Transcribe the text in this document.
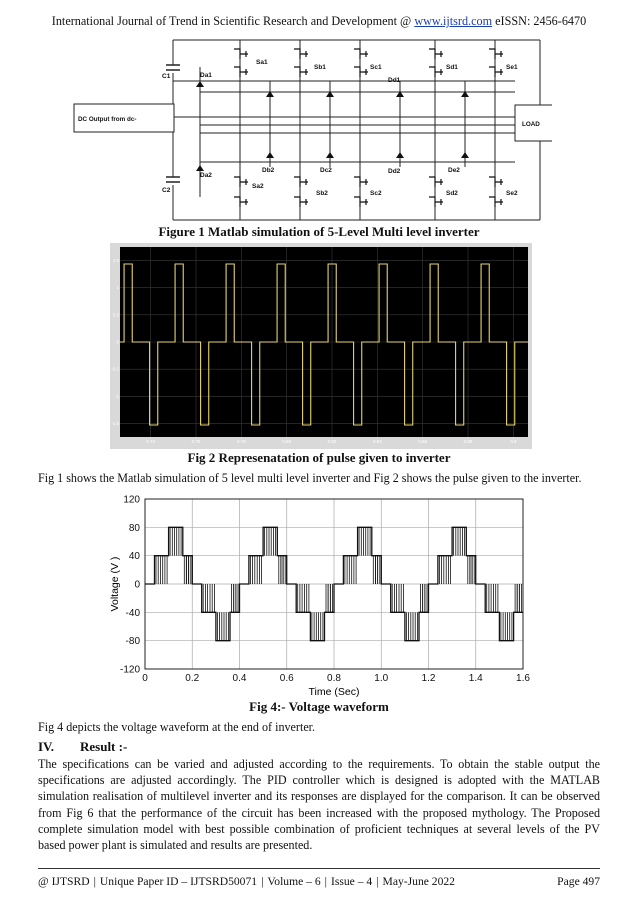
International Journal of Trend in Scientific Research and Development @ www.ijtsrd.com eISSN: 2456-6470
C1
C2
Da1
Da2
Db2	Dc2
Dd1
Dd2	De2
Sa1
Sb1	Sc1	Sd1	Se1
Sa2
Sb2	Sc2	Sd2	Se2
DC Output from dc-
LOAD
Figure 1 Matlab simulation of 5-Level Multi level inverter
0.74	0.76	0.78	0.80	0.82	0.84	0.86	0.88	0.9
1.5
1
0.5
0
-0.5
-1
-1.5
Fig 2 Represenatation of pulse given to inverter
Fig 1 shows the Matlab simulation of 5 level multi level inverter and Fig 2 shows the pulse given to the inverter.
120
80
40
0
-40
-80
-120
0	0.2	0.4	0.6	0.8	1.0	1.2	1.4	1.6
Voltage (V )
Time (Sec)
Fig 4:- Voltage waveform
Fig 4 depicts the voltage waveform at the end of inverter.
IV. Result :-
The specifications can be varied and adjusted according to the requirements. To obtain the stable output the specifications are adjusted accordingly. The PID controller which is designed is adopted with the MATLAB simulation realisation of multilevel inverter and its responses are displayed for the comparison. It can be observed from Fig 6 that the performance of the circuit has been increased with the proposed mythology. The Proposed complete simulation model with best possible combination of proficient techniques at several levels of the PV based power plant is simulated and results are presented.
@ IJTSRD | Unique Paper ID – IJTSRD50071 | Volume – 6 | Issue – 4 | May-June 2022	Page 497
